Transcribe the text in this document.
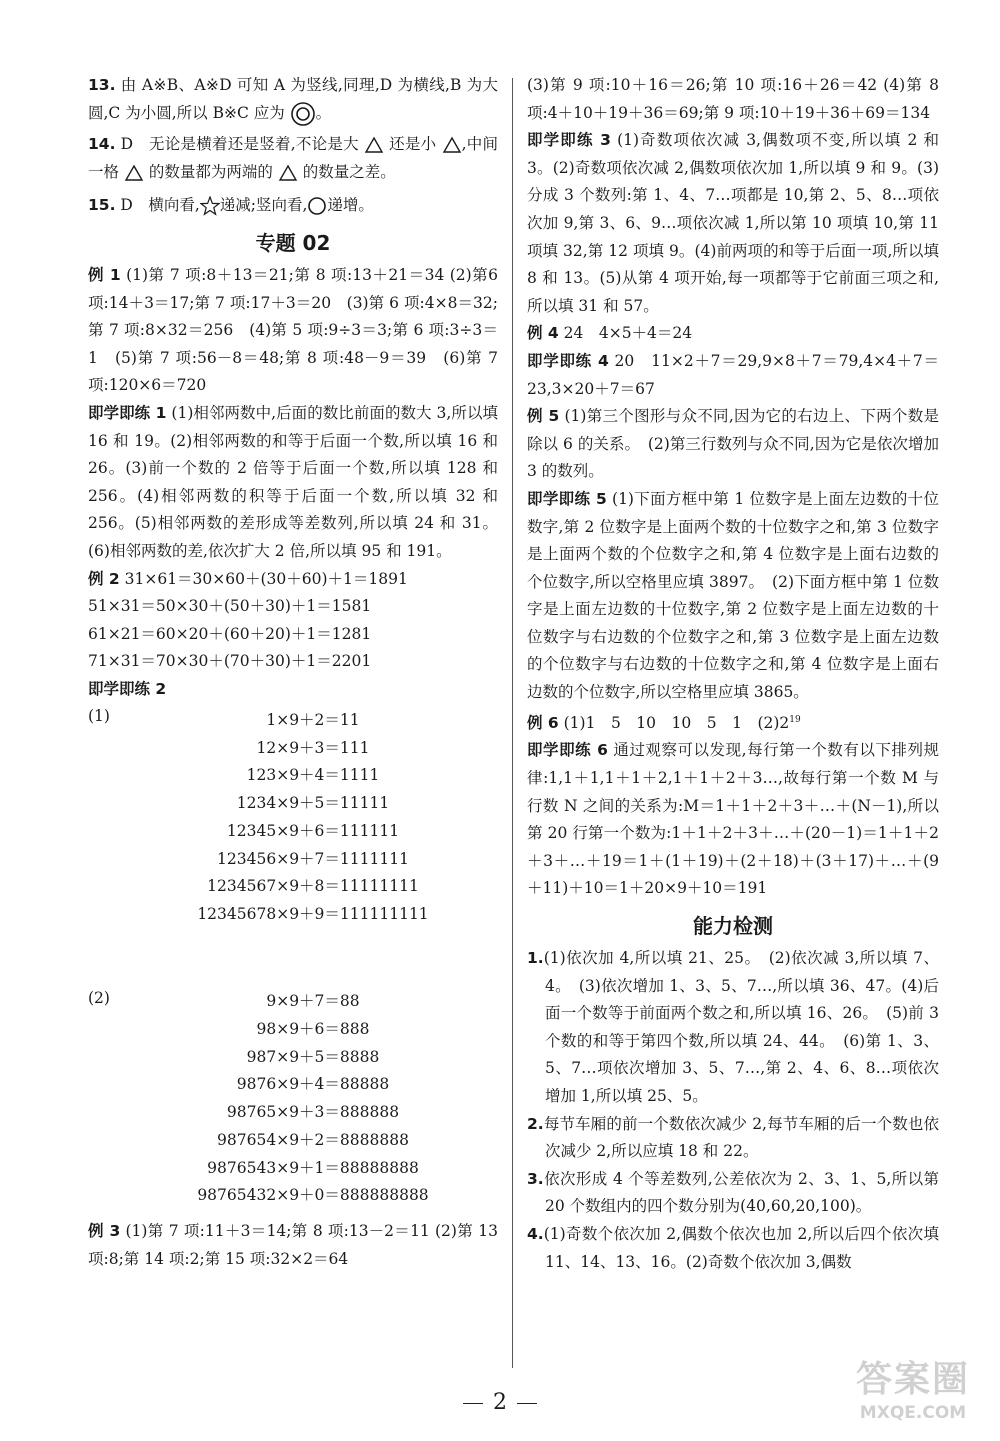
13. 由 A※B、A※D 可知 A 为竖线,同理,D 为横线,B 为大圆,C 为小圆,所以 B※C 应为 。

14. D　无论是横着还是竖着,不论是大 还是小 ,中间一格 的数量都为两端的 的数量之差。

15. D　横向看, 递减;竖向看, 递增。

专题 02

例 1 (1)第 7 项:8＋13＝21;第 8 项:13＋21＝34 (2)第6 项:14＋3＝17;第 7 项:17＋3＝20　(3)第 6 项:4×8＝32;第 7 项:8×32＝256　(4)第 5 项:9÷3＝3;第 6 项:3÷3＝1　(5)第 7 项:56－8＝48;第 8 项:48－9＝39　(6)第 7 项:120×6＝720

即学即练 1 (1)相邻两数中,后面的数比前面的数大 3,所以填 16 和 19。(2)相邻两数的和等于后面一个数,所以填 16 和 26。(3)前一个数的 2 倍等于后面一个数,所以填 128 和 256。(4)相邻两数的积等于后面一个数,所以填 32 和 256。(5)相邻两数的差形成等差数列,所以填 24 和 31。(6)相邻两数的差,依次扩大 2 倍,所以填 95 和 191。

例 2 31×61＝30×60＋(30＋60)＋1＝1891

51×31＝50×30＋(50＋30)＋1＝1581

61×21＝60×20＋(60＋20)＋1＝1281

71×31＝70×30＋(70＋30)＋1＝2201

即学即练 2

(1)	1×9＋2＝11
12×9＋3＝111
123×9＋4＝1111
1234×9＋5＝11111
12345×9＋6＝111111
123456×9＋7＝1111111
1234567×9＋8＝11111111
12345678×9＋9＝111111111
(2)	9×9＋7＝88
98×9＋6＝888
987×9＋5＝8888
9876×9＋4＝88888
98765×9＋3＝888888
987654×9＋2＝8888888
9876543×9＋1＝88888888
98765432×9＋0＝888888888

例 3 (1)第 7 项:11＋3＝14;第 8 项:13－2＝11 (2)第 13 项:8;第 14 项:2;第 15 项:32×2＝64

(3)第 9 项:10＋16＝26;第 10 项:16＋26＝42 (4)第 8 项:4＋10＋19＋36＝69;第 9 项:10＋19＋36＋69＝134

即学即练 3 (1)奇数项依次减 3,偶数项不变,所以填 2 和 3。(2)奇数项依次减 2,偶数项依次加 1,所以填 9 和 9。(3)分成 3 个数列:第 1、4、7…项都是 10,第 2、5、8…项依次加 9,第 3、6、9…项依次减 1,所以第 10 项填 10,第 11 项填 32,第 12 项填 9。(4)前两项的和等于后面一项,所以填 8 和 13。(5)从第 4 项开始,每一项都等于它前面三项之和,所以填 31 和 57。

例 4 24　4×5＋4＝24

即学即练 4 20　11×2＋7＝29,9×8＋7＝79,4×4＋7＝23,3×20＋7＝67

例 5 (1)第三个图形与众不同,因为它的右边上、下两个数是除以 6 的关系。　(2)第三行数列与众不同,因为它是依次增加 3 的数列。

即学即练 5 (1)下面方框中第 1 位数字是上面左边数的十位数字,第 2 位数字是上面两个数的十位数字之和,第 3 位数字是上面两个数的个位数字之和,第 4 位数字是上面右边数的个位数字,所以空格里应填 3897。　(2)下面方框中第 1 位数字是上面左边数的十位数字,第 2 位数字是上面左边数的十位数字与右边数的个位数字之和,第 3 位数字是上面左边数的个位数字与右边数的十位数字之和,第 4 位数字是上面右边数的个位数字,所以空格里应填 3865。

例 6 (1)1　5　10　10　5　1　$(2)2^{19}$

即学即练 6 通过观察可以发现,每行第一个数有以下排列规律:1,1＋1,1＋1＋2,1＋1＋2＋3…,故每行第一个数 M 与行数 N 之间的关系为:M＝1＋1＋2＋3＋…＋(N－1),所以第 20 行第一个数为:1＋1＋2＋3＋…＋(20－1)＝1＋1＋2＋3＋…＋19＝1＋(1＋19)＋(2＋18)＋(3＋17)＋…＋(9＋11)＋10＝1＋20×9＋10＝191

能力检测

1.(1)依次加 4,所以填 21、25。　(2)依次减 3,所以填 7、4。　(3)依次增加 1、3、5、7…,所以填 36、47。(4)后面一个数等于前面两个数之和,所以填 16、26。　(5)前 3 个数的和等于第四个数,所以填 24、44。　(6)第 1、3、5、7…项依次增加 3、5、7…,第 2、4、6、8…项依次增加 1,所以填 25、5。

2.每节车厢的前一个数依次减少 2,每节车厢的后一个数也依次减少 2,所以应填 18 和 22。

3.依次形成 4 个等差数列,公差依次为 2、3、1、5,所以第 20 个数组内的四个数分别为(40,60,20,100)。

4.(1)奇数个依次加 2,偶数个依次也加 2,所以后四个依次填 11、14、13、16。(2)奇数个依次加 3,偶数

2
答案圈
MXQE.COM
